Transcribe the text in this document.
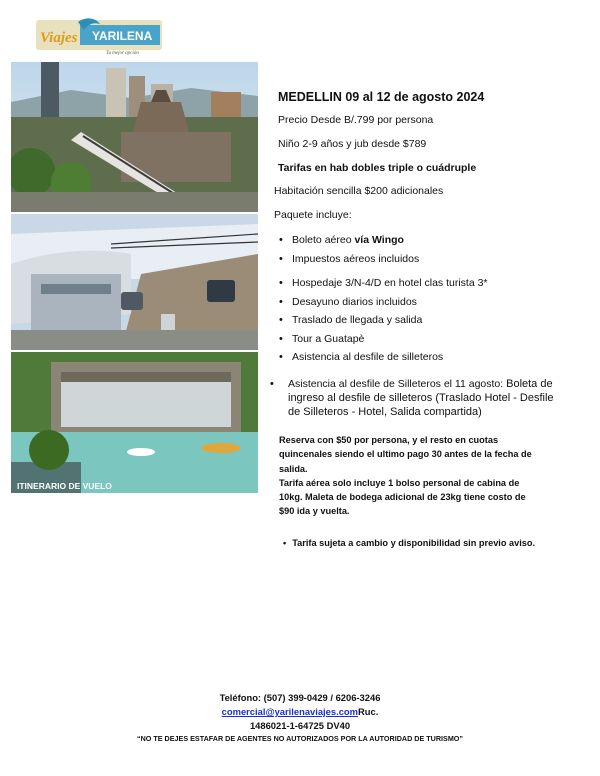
Viajes YARILENA
Tu mejor opción
ITINERARIO DE VUELO
MEDELLIN 09 al 12 de agosto 2024
Precio Desde B/.799 por persona
Niño 2-9 años y jub desde $789
Tarifas en hab dobles triple o cuádruple
Habitación sencilla $200 adicionales
Paquete incluye:
• Boleto aéreo vía Wingo
• Impuestos aéreos incluidos
• Hospedaje 3/N-4/D en hotel clas turista 3*
• Desayuno diarios incluidos
• Traslado de llegada y salida
• Tour a Guatapè
• Asistencia al desfile de silleteros
• Asistencia al desfile de Silleteros el 11 agosto: Boleta de ingreso al desfile de silleteros (Traslado Hotel - Desfile de Silleteros - Hotel, Salida compartida)
Reserva con $50 por persona, y el resto en cuotas quincenales siendo el ultimo pago 30 antes de la fecha de salida.
Tarifa aérea solo incluye 1 bolso personal de cabina de 10kg. Maleta de bodega adicional de 23kg tiene costo de $90 ida y vuelta.
• Tarifa sujeta a cambio y disponibilidad sin previo aviso.
Teléfono: (507) 399-0429 / 6206-3246
comercial@yarilenaviajes.comRuc.
1486021-1-64725 DV40
“NO TE DEJES ESTAFAR DE AGENTES NO AUTORIZADOS POR LA AUTORIDAD DE TURISMO”
